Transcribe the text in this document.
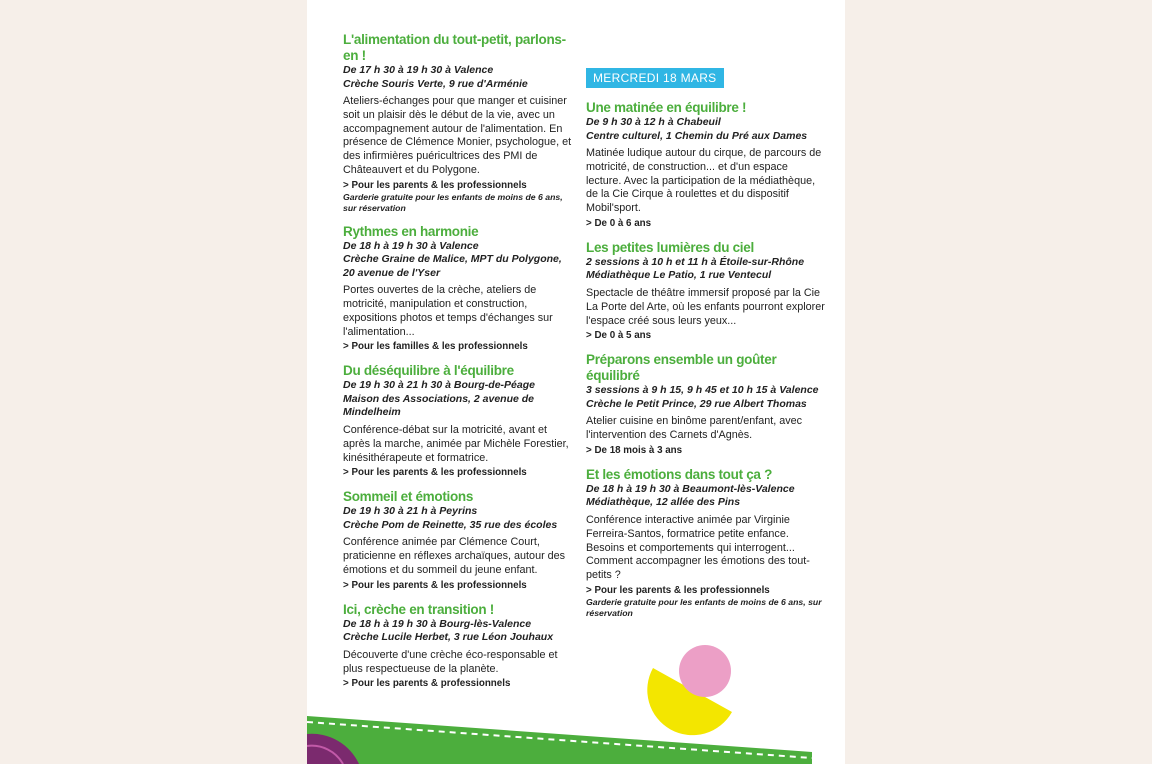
L'alimentation du tout-petit, parlons-en !

De 17 h 30 à 19 h 30 à Valence

Crèche Souris Verte, 9 rue d'Arménie

Ateliers-échanges pour que manger et cuisiner soit un plaisir dès le début de la vie, avec un accompagnement autour de l'alimentation. En présence de Clémence Monier, psychologue, et des infirmières puéricultrices des PMI de Châteauvert et du Polygone.

> Pour les parents & les professionnels

Garderie gratuite pour les enfants de moins de 6 ans, sur réservation

Rythmes en harmonie

De 18 h à 19 h 30 à Valence

Crèche Graine de Malice, MPT du Polygone, 20 avenue de l'Yser

Portes ouvertes de la crèche, ateliers de motricité, manipulation et construction, expositions photos et temps d'échanges sur l'alimentation...

> Pour les familles & les professionnels

Du déséquilibre à l'équilibre

De 19 h 30 à 21 h 30 à Bourg-de-Péage

Maison des Associations, 2 avenue de Mindelheim

Conférence-débat sur la motricité, avant et après la marche, animée par Michèle Forestier, kinésithérapeute et formatrice.

> Pour les parents & les professionnels

Sommeil et émotions

De 19 h 30 à 21 h à Peyrins

Crèche Pom de Reinette, 35 rue des écoles

Conférence animée par Clémence Court, praticienne en réflexes archaïques, autour des émotions et du sommeil du jeune enfant.

> Pour les parents & les professionnels

Ici, crèche en transition !

De 18 h à 19 h 30 à Bourg-lès-Valence

Crèche Lucile Herbet, 3 rue Léon Jouhaux

Découverte d'une crèche éco-responsable et plus respectueuse de la planète.

> Pour les parents & professionnels

MERCREDI 18 MARS

Une matinée en équilibre !

De 9 h 30 à 12 h à Chabeuil

Centre culturel, 1 Chemin du Pré aux Dames

Matinée ludique autour du cirque, de parcours de motricité, de construction... et d'un espace lecture. Avec la participation de la médiathèque, de la Cie Cirque à roulettes et du dispositif Mobil'sport.

> De 0 à 6 ans

Les petites lumières du ciel

2 sessions à 10 h et 11 h à Étoile-sur-Rhône

Médiathèque Le Patio, 1 rue Ventecul

Spectacle de théâtre immersif proposé par la Cie La Porte del Arte, où les enfants pourront explorer l'espace créé sous leurs yeux...

> De 0 à 5 ans

Préparons ensemble un goûter équilibré

3 sessions à 9 h 15, 9 h 45 et 10 h 15 à Valence

Crèche le Petit Prince, 29 rue Albert Thomas

Atelier cuisine en binôme parent/enfant, avec l'intervention des Carnets d'Agnès.

> De 18 mois à 3 ans

Et les émotions dans tout ça ?

De 18 h à 19 h 30 à Beaumont-lès-Valence

Médiathèque, 12 allée des Pins

Conférence interactive animée par Virginie Ferreira-Santos, formatrice petite enfance. Besoins et comportements qui interrogent... Comment accompagner les émotions des tout-petits ?

> Pour les parents & les professionnels

Garderie gratuite pour les enfants de moins de 6 ans, sur réservation
